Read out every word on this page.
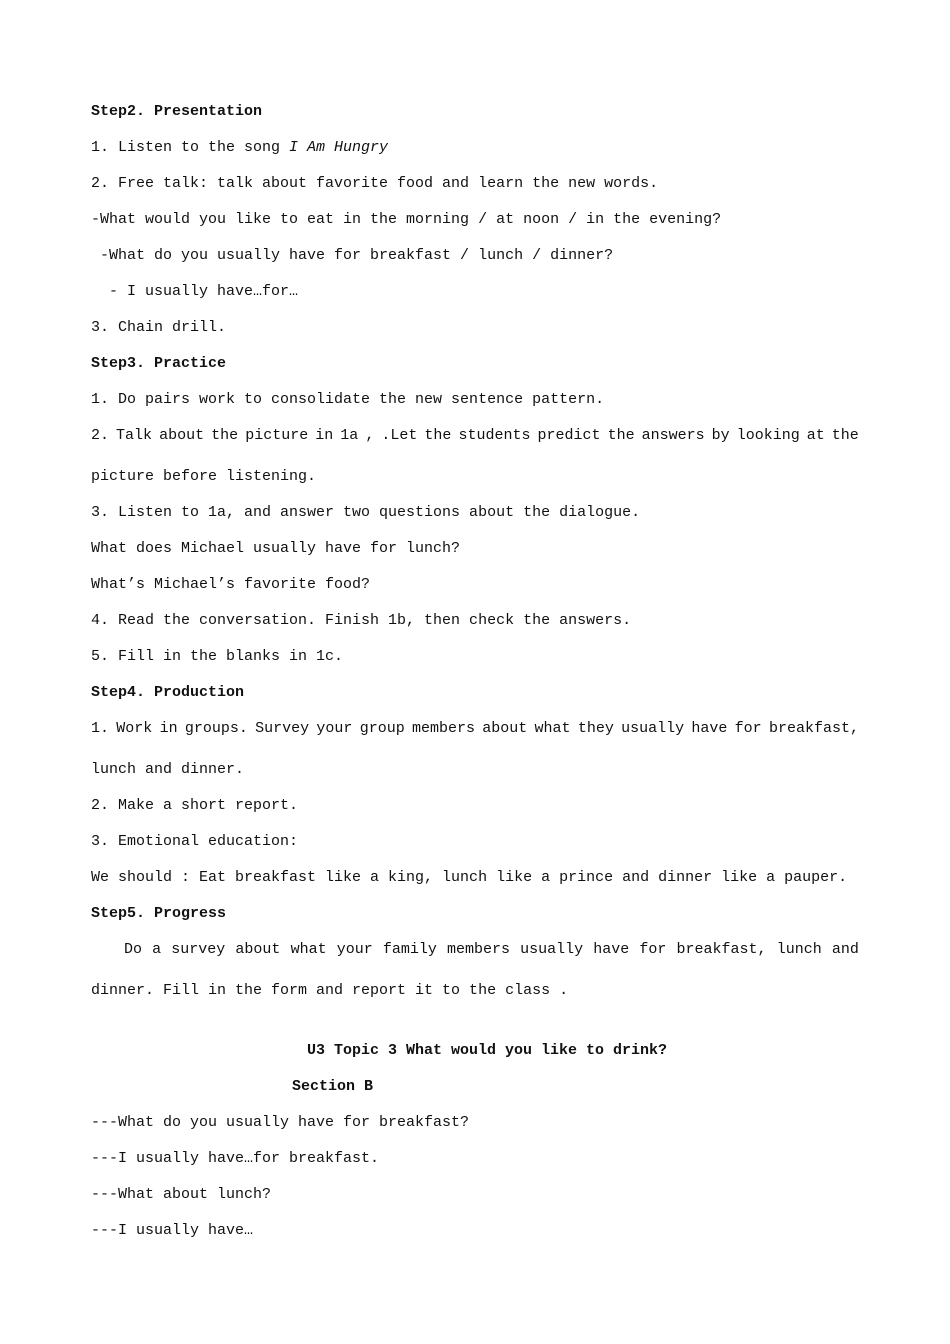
Step2. Presentation
1. Listen to the song I Am Hungry
2. Free talk: talk about favorite food and learn the new words.
-What would you like to eat in the morning / at noon / in the evening?
-What do you usually have for breakfast / lunch / dinner?
- I usually have…for…
3. Chain drill.
Step3. Practice
1. Do pairs work to consolidate the new sentence pattern.
2. Talk about the picture in 1a , .Let the students predict the answers by looking at the
picture before listening.
3. Listen to 1a, and answer two questions about the dialogue.
What does Michael usually have for lunch?
What’s Michael’s favorite food?
4. Read the conversation. Finish 1b, then check the answers.
5. Fill in the blanks in 1c.
Step4. Production
1. Work in groups. Survey your group members about what they usually have for breakfast,
lunch and dinner.
2. Make a short report.
3. Emotional education:
We should : Eat breakfast like a king, lunch like a prince and dinner like a pauper.
Step5. Progress
Do a survey about what your family members usually have for breakfast, lunch and
dinner. Fill in the form and report it to the class .
U3 Topic 3 What would you like to drink?
Section B
---What do you usually have for breakfast?
---I usually have…for breakfast.
---What about lunch?
---I usually have…
